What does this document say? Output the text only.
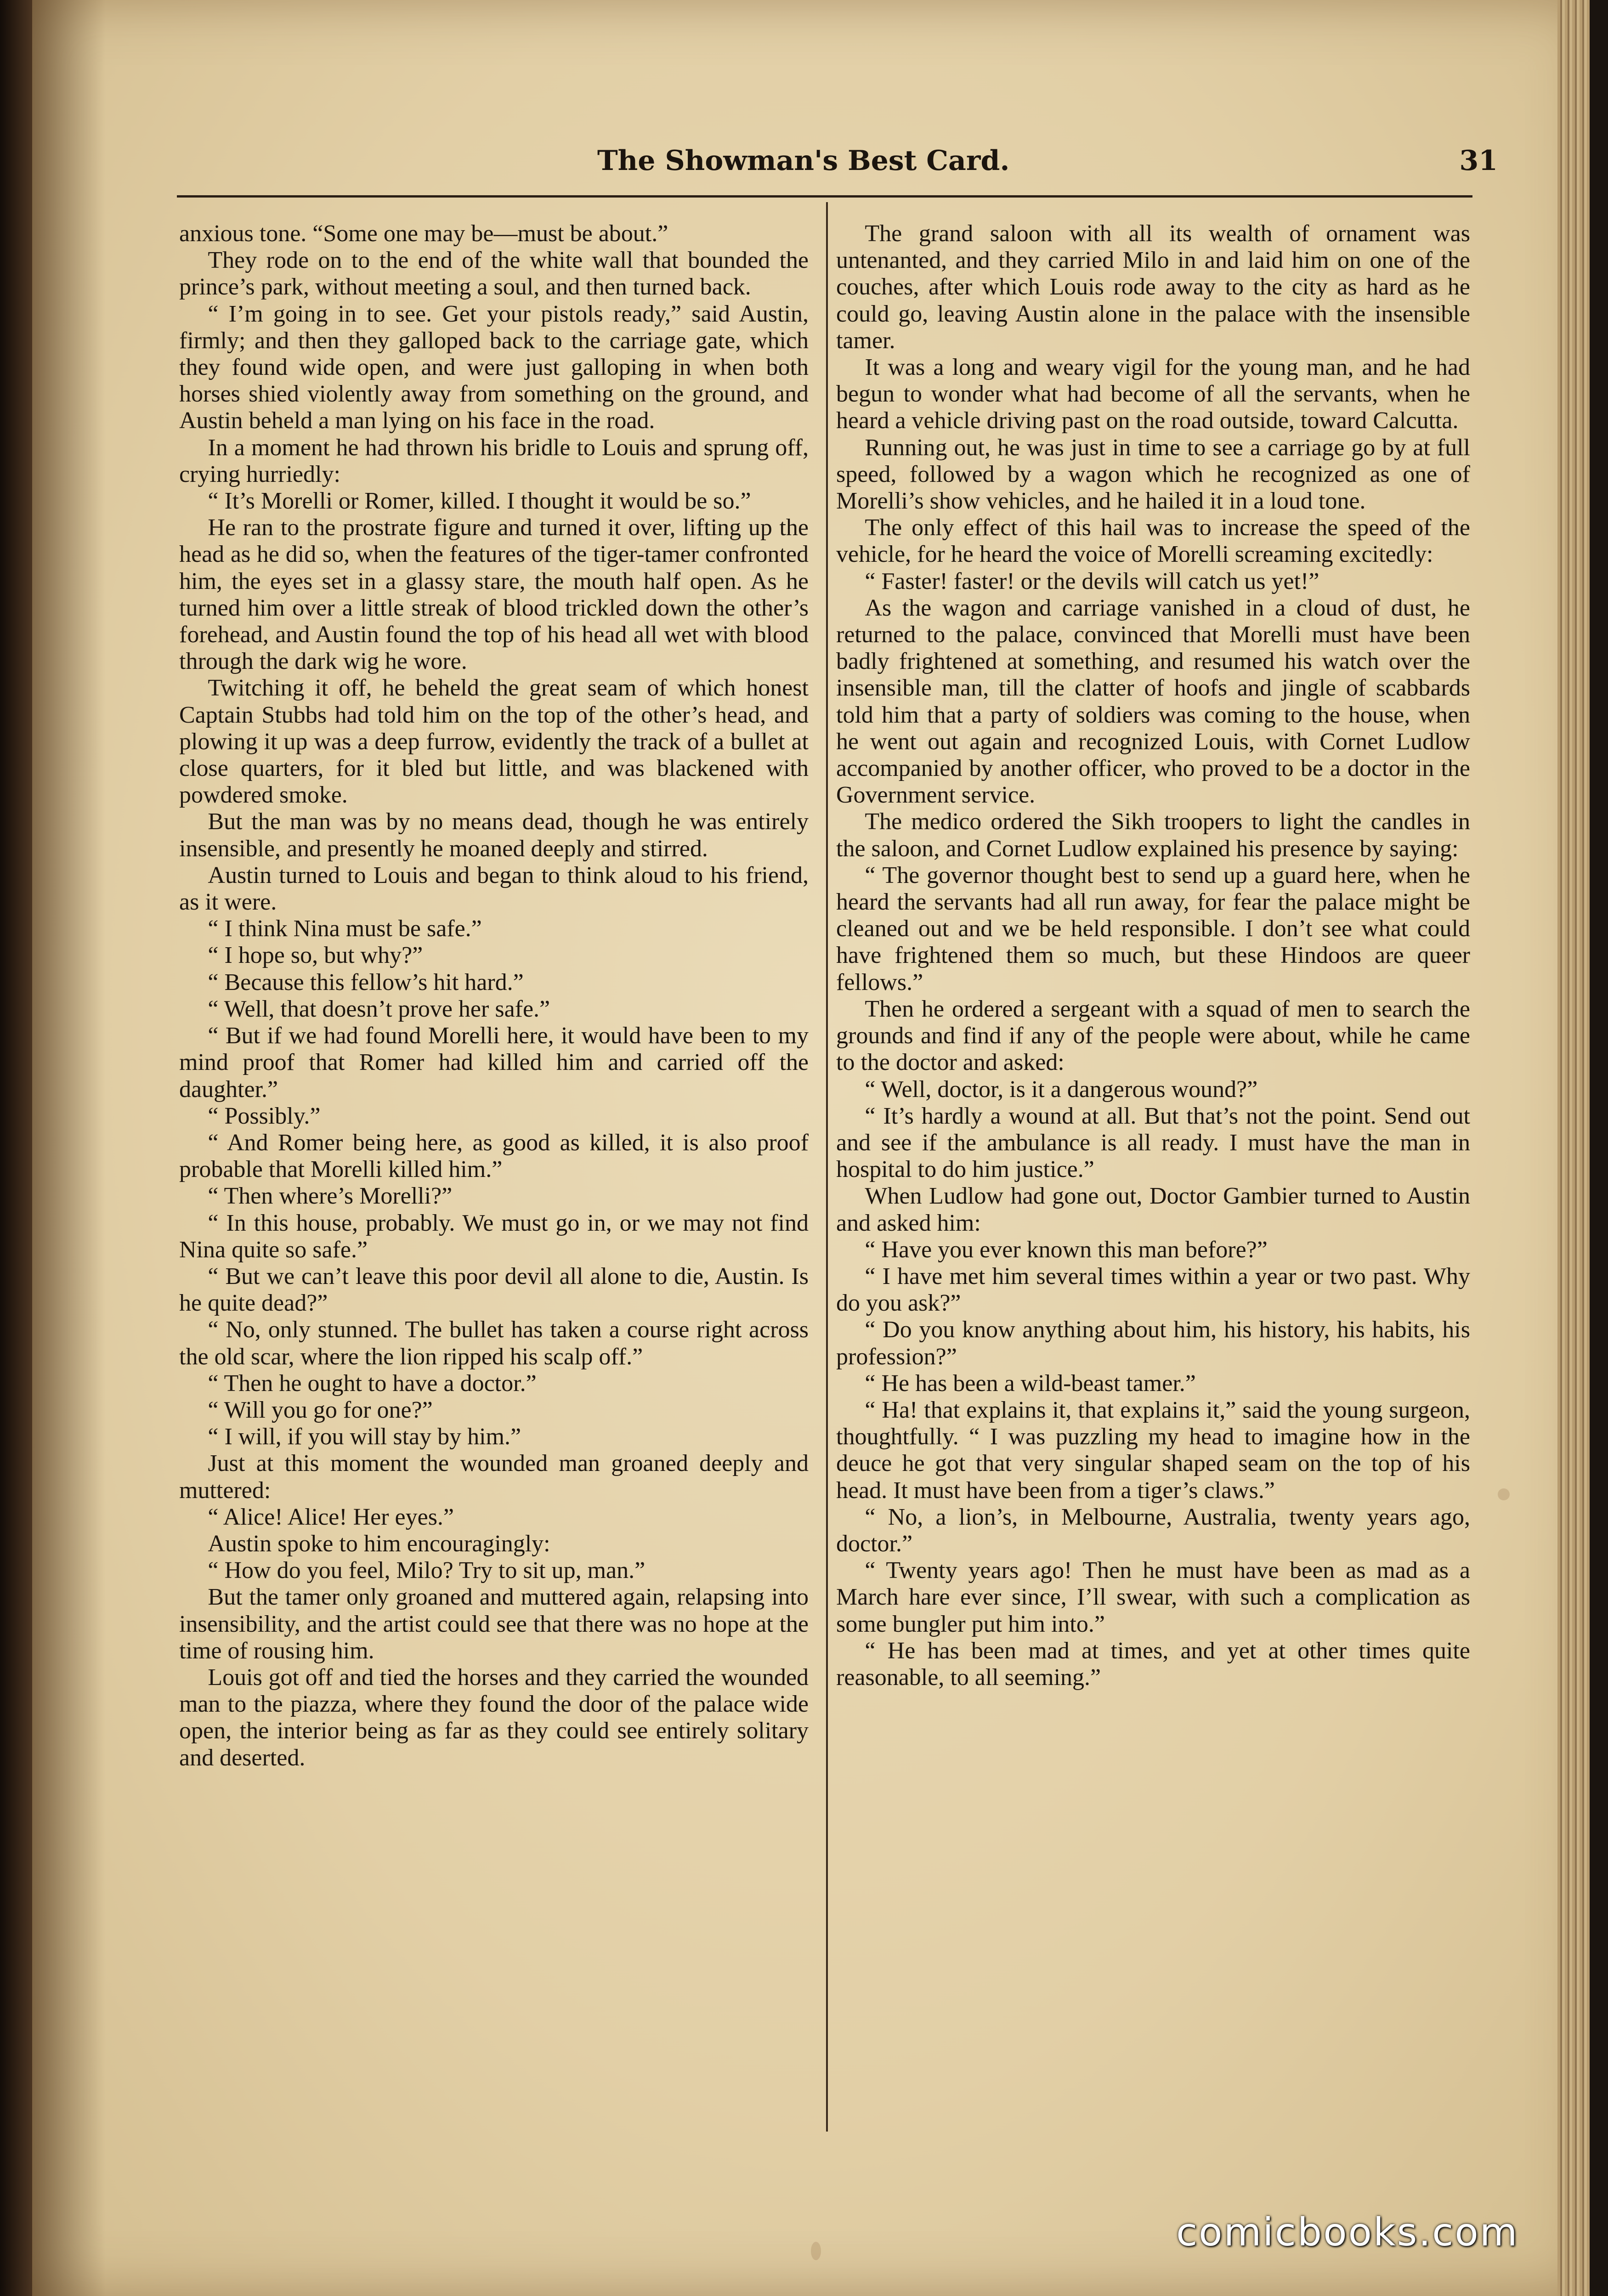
The Showman's Best Card.	31

anxious tone. “Some one may be—must be about.”

They rode on to the end of the white wall that bounded the prince’s park, without meeting a soul, and then turned back.

“ I’m going in to see. Get your pistols ready,” said Austin, firmly; and then they galloped back to the carriage gate, which they found wide open, and were just galloping in when both horses shied violently away from something on the ground, and Austin beheld a man lying on his face in the road.

In a moment he had thrown his bridle to Louis and sprung off, crying hurriedly:

“ It’s Morelli or Romer, killed. I thought it would be so.”

He ran to the prostrate figure and turned it over, lifting up the head as he did so, when the features of the tiger-tamer confronted him, the eyes set in a glassy stare, the mouth half open. As he turned him over a little streak of blood trickled down the other’s forehead, and Austin found the top of his head all wet with blood through the dark wig he wore.

Twitching it off, he beheld the great seam of which honest Captain Stubbs had told him on the top of the other’s head, and plowing it up was a deep furrow, evidently the track of a bullet at close quarters, for it bled but little, and was blackened with powdered smoke.

But the man was by no means dead, though he was entirely insensible, and presently he moaned deeply and stirred.

Austin turned to Louis and began to think aloud to his friend, as it were.

“ I think Nina must be safe.”

“ I hope so, but why?”

“ Because this fellow’s hit hard.”

“ Well, that doesn’t prove her safe.”

“ But if we had found Morelli here, it would have been to my mind proof that Romer had killed him and carried off the daughter.”

“ Possibly.”

“ And Romer being here, as good as killed, it is also proof probable that Morelli killed him.”

“ Then where’s Morelli?”

“ In this house, probably. We must go in, or we may not find Nina quite so safe.”

“ But we can’t leave this poor devil all alone to die, Austin. Is he quite dead?”

“ No, only stunned. The bullet has taken a course right across the old scar, where the lion ripped his scalp off.”

“ Then he ought to have a doctor.”

“ Will you go for one?”

“ I will, if you will stay by him.”

Just at this moment the wounded man groaned deeply and muttered:

“ Alice! Alice! Her eyes.”

Austin spoke to him encouragingly:

“ How do you feel, Milo? Try to sit up, man.”

But the tamer only groaned and muttered again, relapsing into insensibility, and the artist could see that there was no hope at the time of rousing him.

Louis got off and tied the horses and they carried the wounded man to the piazza, where they found the door of the palace wide open, the interior being as far as they could see entirely solitary and deserted.

The grand saloon with all its wealth of ornament was untenanted, and they carried Milo in and laid him on one of the couches, after which Louis rode away to the city as hard as he could go, leaving Austin alone in the palace with the insensible tamer.

It was a long and weary vigil for the young man, and he had begun to wonder what had become of all the servants, when he heard a vehicle driving past on the road outside, toward Calcutta.

Running out, he was just in time to see a carriage go by at full speed, followed by a wagon which he recognized as one of Morelli’s show vehicles, and he hailed it in a loud tone.

The only effect of this hail was to increase the speed of the vehicle, for he heard the voice of Morelli screaming excitedly:

“ Faster! faster! or the devils will catch us yet!”

As the wagon and carriage vanished in a cloud of dust, he returned to the palace, convinced that Morelli must have been badly frightened at something, and resumed his watch over the insensible man, till the clatter of hoofs and jingle of scabbards told him that a party of soldiers was coming to the house, when he went out again and recognized Louis, with Cornet Ludlow accompanied by another officer, who proved to be a doctor in the Government service.

The medico ordered the Sikh troopers to light the candles in the saloon, and Cornet Ludlow explained his presence by saying:

“ The governor thought best to send up a guard here, when he heard the servants had all run away, for fear the palace might be cleaned out and we be held responsible. I don’t see what could have frightened them so much, but these Hindoos are queer fellows.”

Then he ordered a sergeant with a squad of men to search the grounds and find if any of the people were about, while he came to the doctor and asked:

“ Well, doctor, is it a dangerous wound?”

“ It’s hardly a wound at all. But that’s not the point. Send out and see if the ambulance is all ready. I must have the man in hospital to do him justice.”

When Ludlow had gone out, Doctor Gambier turned to Austin and asked him:

“ Have you ever known this man before?”

“ I have met him several times within a year or two past. Why do you ask?”

“ Do you know anything about him, his history, his habits, his profession?”

“ He has been a wild-beast tamer.”

“ Ha! that explains it, that explains it,” said the young surgeon, thoughtfully. “ I was puzzling my head to imagine how in the deuce he got that very singular shaped seam on the top of his head. It must have been from a tiger’s claws.”

“ No, a lion’s, in Melbourne, Australia, twenty years ago, doctor.”

“ Twenty years ago! Then he must have been as mad as a March hare ever since, I’ll swear, with such a complication as some bungler put him into.”

“ He has been mad at times, and yet at other times quite reasonable, to all seeming.”

comicbooks.com
